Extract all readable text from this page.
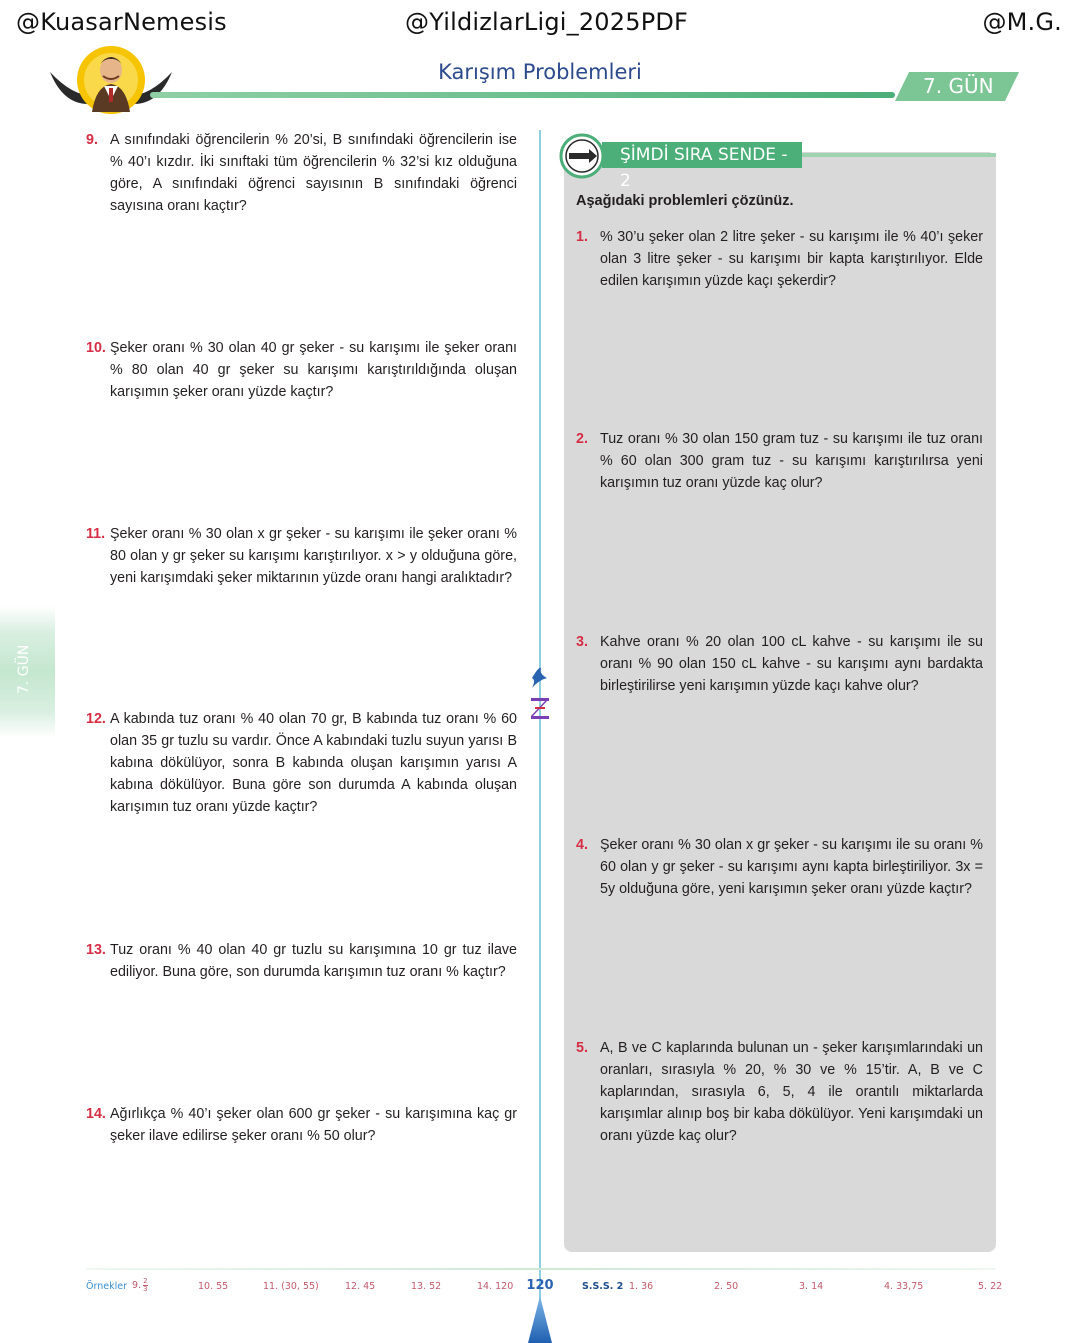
@KuasarNemesis	@YildizlarLigi_2025PDF	@M.G.
Karışım Problemleri
7. GÜN
7. GÜN
9. A sınıfındaki öğrencilerin % 20’si, B sınıfındaki öğrencilerin ise % 40’ı kızdır. İki sınıftaki tüm öğrencilerin % 32’si kız olduğuna göre, A sınıfındaki öğrenci sayısının B sınıfındaki öğrenci sayısına oranı kaçtır?
10. Şeker oranı % 30 olan 40 gr şeker - su karışımı ile şeker oranı % 80 olan 40 gr şeker su karışımı karıştırıldığında oluşan karışımın şeker oranı yüzde kaçtır?
11. Şeker oranı % 30 olan x gr şeker - su karışımı ile şeker oranı % 80 olan y gr şeker su karışımı karıştırılıyor. x > y olduğuna göre, yeni karışımdaki şeker miktarının yüzde oranı hangi aralıktadır?
12. A kabında tuz oranı % 40 olan 70 gr, B kabında tuz oranı % 60 olan 35 gr tuzlu su vardır. Önce A kabındaki tuzlu suyun yarısı B kabına dökülüyor, sonra B kabında oluşan karışımın yarısı A kabına dökülüyor. Buna göre son durumda A kabında oluşan karışımın tuz oranı yüzde kaçtır?
13. Tuz oranı % 40 olan 40 gr tuzlu su karışımına 10 gr tuz ilave ediliyor. Buna göre, son durumda karışımın tuz oranı % kaçtır?
14. Ağırlıkça % 40’ı şeker olan 600 gr şeker - su karışımına kaç gr şeker ilave edilirse şeker oranı % 50 olur?
ŞİMDİ SIRA SENDE - 2
Aşağıdaki problemleri çözünüz.
1. % 30’u şeker olan 2 litre şeker - su karışımı ile % 40’ı şeker olan 3 litre şeker - su karışımı bir kapta karıştırılıyor. Elde edilen karışımın yüzde kaçı şekerdir?
2. Tuz oranı % 30 olan 150 gram tuz - su karışımı ile tuz oranı % 60 olan 300 gram tuz - su karışımı karıştırılırsa yeni karışımın tuz oranı yüzde kaç olur?
3. Kahve oranı % 20 olan 100 cL kahve - su karışımı ile su oranı % 90 olan 150 cL kahve - su karışımı aynı bardakta birleştirilirse yeni karışımın yüzde kaçı kahve olur?
4. Şeker oranı % 30 olan x gr şeker - su karışımı ile su oranı % 60 olan y gr şeker - su karışımı aynı kapta birleştiriliyor. 3x = 5y olduğuna göre, yeni karışımın şeker oranı yüzde kaçtır?
5. A, B ve C kaplarında bulunan un - şeker karışımlarındaki un oranları, sırasıyla % 20, % 30 ve % 15’tir. A, B ve C kaplarından, sırasıyla 6, 5, 4 ile orantılı miktarlarda karışımlar alınıp boş bir kaba dökülüyor. Yeni karışımdaki un oranı yüzde kaç olur?
Örnekler 9. $\frac{2}{3}$	10. 55	11. (30, 55)	12. 45	13. 52	14. 120	120	S.S.S. 2 1. 36	2. 50	3. 14	4. 33,75	5. 22
